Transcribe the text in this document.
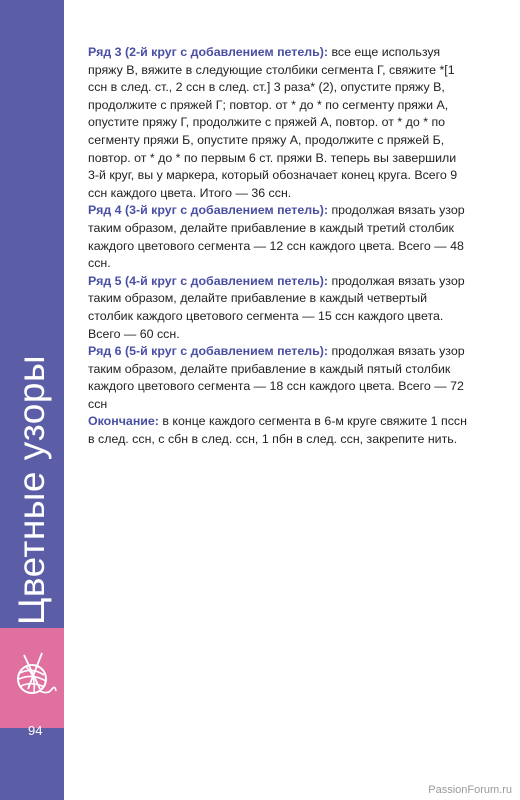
Цветные узоры
94

Ряд 3 (2-й круг с добавлением петель): все еще используя пряжу В, вяжите в следующие столбики сегмента Г, свяжите *[1 ссн в след. ст., 2 ссн в след. ст.] 3 раза* (2), опустите пряжу В, продолжите с пряжей Г; повтор. от * до * по сегменту пряжи А, опустите пряжу Г, продолжите с пряжей А, повтор. от * до * по сегменту пряжи Б, опустите пряжу А, продолжите с пряжей Б, повтор. от * до * по первым 6 ст. пряжи В. теперь вы завершили 3-й круг, вы у маркера, который обозначает конец круга. Всего 9 ссн каждого цвета. Итого — 36 ссн.

Ряд 4 (3-й круг с добавлением петель): продолжая вязать узор таким образом, делайте прибавление в каждый третий столбик каждого цветового сегмента — 12 ссн каждого цвета. Всего — 48 ссн.

Ряд 5 (4-й круг с добавлением петель): продолжая вязать узор таким образом, делайте прибавление в каждый четвертый столбик каждого цветового сегмента — 15 ссн каждого цвета. Всего — 60 ссн.

Ряд 6 (5-й круг с добавлением петель): продолжая вязать узор таким образом, делайте прибавление в каждый пятый столбик каждого цветового сегмента — 18 ссн каждого цвета. Всего — 72 ссн

Окончание: в конце каждого сегмента в 6-м круге свяжите 1 пссн в след. ссн, с сбн в след. ссн, 1 пбн в след. ссн, закрепите нить.

PassionForum.ru
